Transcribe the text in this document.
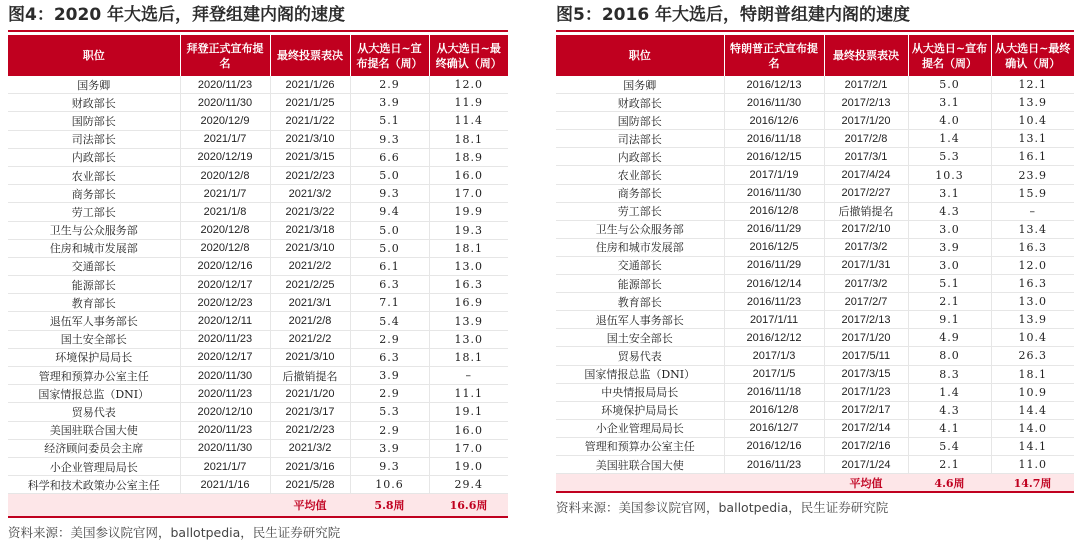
图4：2020 年大选后，拜登组建内阁的速度
职位	拜登正式宣布提名	最终投票表决	从大选日~宣布提名（周）	从大选日~最终确认（周）
国务卿	2020/11/23	2021/1/26	2.9	12.0
财政部长	2020/11/30	2021/1/25	3.9	11.9
国防部长	2020/12/9	2021/1/22	5.1	11.4
司法部长	2021/1/7	2021/3/10	9.3	18.1
内政部长	2020/12/19	2021/3/15	6.6	18.9
农业部长	2020/12/8	2021/2/23	5.0	16.0
商务部长	2021/1/7	2021/3/2	9.3	17.0
劳工部长	2021/1/8	2021/3/22	9.4	19.9
卫生与公众服务部	2020/12/8	2021/3/18	5.0	19.3
住房和城市发展部	2020/12/8	2021/3/10	5.0	18.1
交通部长	2020/12/16	2021/2/2	6.1	13.0
能源部长	2020/12/17	2021/2/25	6.3	16.3
教育部长	2020/12/23	2021/3/1	7.1	16.9
退伍军人事务部长	2020/12/11	2021/2/8	5.4	13.9
国土安全部长	2020/11/23	2021/2/2	2.9	13.0
环境保护局局长	2020/12/17	2021/3/10	6.3	18.1
管理和预算办公室主任	2020/11/30	后撤销提名	3.9	–
国家情报总监（DNI）	2020/11/23	2021/1/20	2.9	11.1
贸易代表	2020/12/10	2021/3/17	5.3	19.1
美国驻联合国大使	2020/11/23	2021/2/23	2.9	16.0
经济顾问委员会主席	2020/11/30	2021/3/2	3.9	17.0
小企业管理局局长	2021/1/7	2021/3/16	9.3	19.0
科学和技术政策办公室主任	2021/1/16	2021/5/28	10.6	29.4
		平均值	5.8周	16.6周
资料来源：美国参议院官网，ballotpedia，民生证券研究院
图5：2016 年大选后，特朗普组建内阁的速度
职位	特朗普正式宣布提名	最终投票表决	从大选日~宣布提名（周）	从大选日~最终确认（周）
国务卿	2016/12/13	2017/2/1	5.0	12.1
财政部长	2016/11/30	2017/2/13	3.1	13.9
国防部长	2016/12/6	2017/1/20	4.0	10.4
司法部长	2016/11/18	2017/2/8	1.4	13.1
内政部长	2016/12/15	2017/3/1	5.3	16.1
农业部长	2017/1/19	2017/4/24	10.3	23.9
商务部长	2016/11/30	2017/2/27	3.1	15.9
劳工部长	2016/12/8	后撤销提名	4.3	–
卫生与公众服务部	2016/11/29	2017/2/10	3.0	13.4
住房和城市发展部	2016/12/5	2017/3/2	3.9	16.3
交通部长	2016/11/29	2017/1/31	3.0	12.0
能源部长	2016/12/14	2017/3/2	5.1	16.3
教育部长	2016/11/23	2017/2/7	2.1	13.0
退伍军人事务部长	2017/1/11	2017/2/13	9.1	13.9
国土安全部长	2016/12/12	2017/1/20	4.9	10.4
贸易代表	2017/1/3	2017/5/11	8.0	26.3
国家情报总监（DNI）	2017/1/5	2017/3/15	8.3	18.1
中央情报局局长	2016/11/18	2017/1/23	1.4	10.9
环境保护局局长	2016/12/8	2017/2/17	4.3	14.4
小企业管理局局长	2016/12/7	2017/2/14	4.1	14.0
管理和预算办公室主任	2016/12/16	2017/2/16	5.4	14.1
美国驻联合国大使	2016/11/23	2017/1/24	2.1	11.0
		平均值	4.6周	14.7周
资料来源：美国参议院官网，ballotpedia，民生证券研究院
